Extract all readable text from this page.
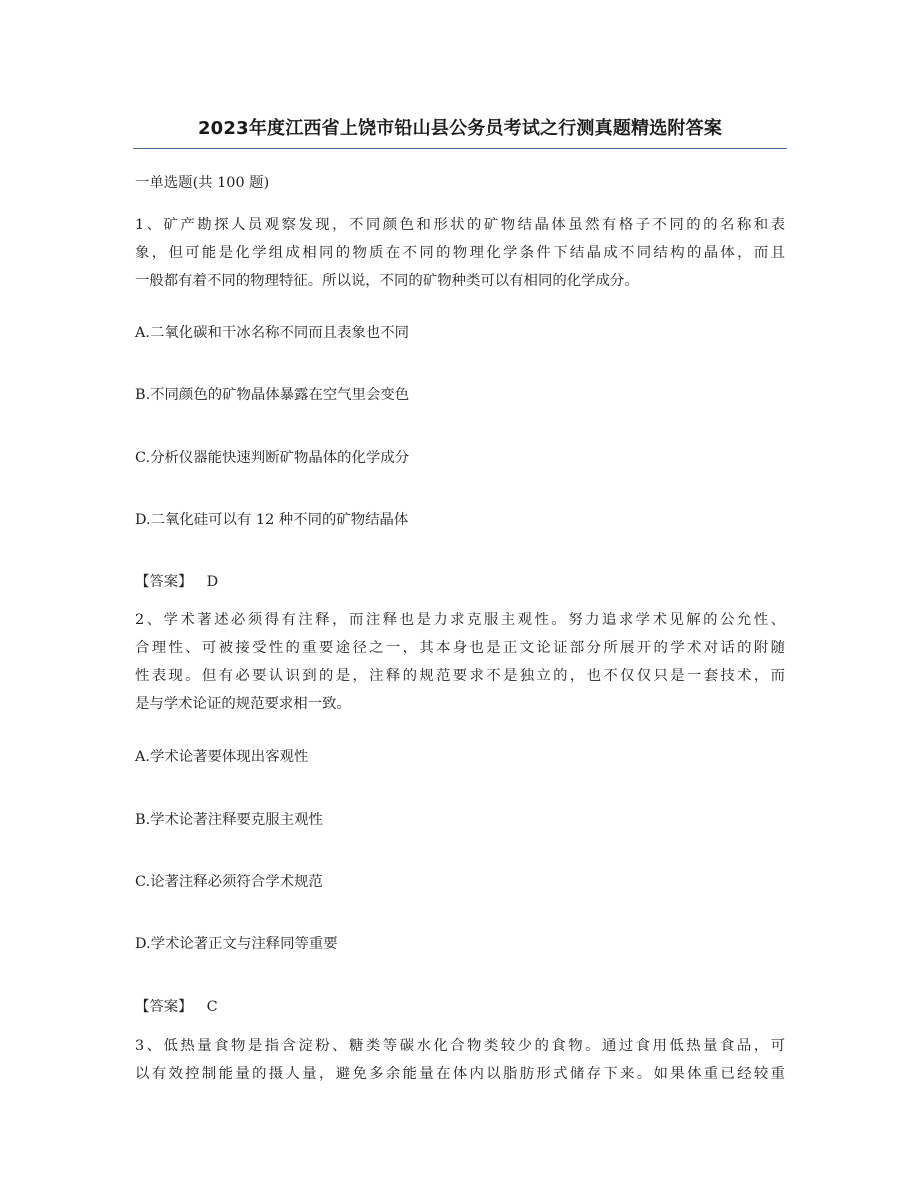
2023年度江西省上饶市铅山县公务员考试之行测真题精选附答案
一单选题(共 100 题)
1、矿产勘探人员观察发现，不同颜色和形状的矿物结晶体虽然有格子不同的的名称和表
象，但可能是化学组成相同的物质在不同的物理化学条件下结晶成不同结构的晶体，而且
一般都有着不同的物理特征。所以说，不同的矿物种类可以有相同的化学成分。
A.二氧化碳和干冰名称不同而且表象也不同
B.不同颜色的矿物晶体暴露在空气里会变色
C.分析仪器能快速判断矿物晶体的化学成分
D.二氧化硅可以有 12 种不同的矿物结晶体
【答案】 D
2、学术著述必须得有注释，而注释也是力求克服主观性。努力追求学术见解的公允性、
合理性、可被接受性的重要途径之一，其本身也是正文论证部分所展开的学术对话的附随
性表现。但有必要认识到的是，注释的规范要求不是独立的，也不仅仅只是一套技术，而
是与学术论证的规范要求相一致。
A.学术论著要体现出客观性
B.学术论著注释要克服主观性
C.论著注释必须符合学术规范
D.学术论著正文与注释同等重要
【答案】 C
3、低热量食物是指含淀粉、糖类等碳水化合物类较少的食物。通过食用低热量食品，可
以有效控制能量的摄人量，避免多余能量在体内以脂肪形式储存下来。如果体重已经较重
